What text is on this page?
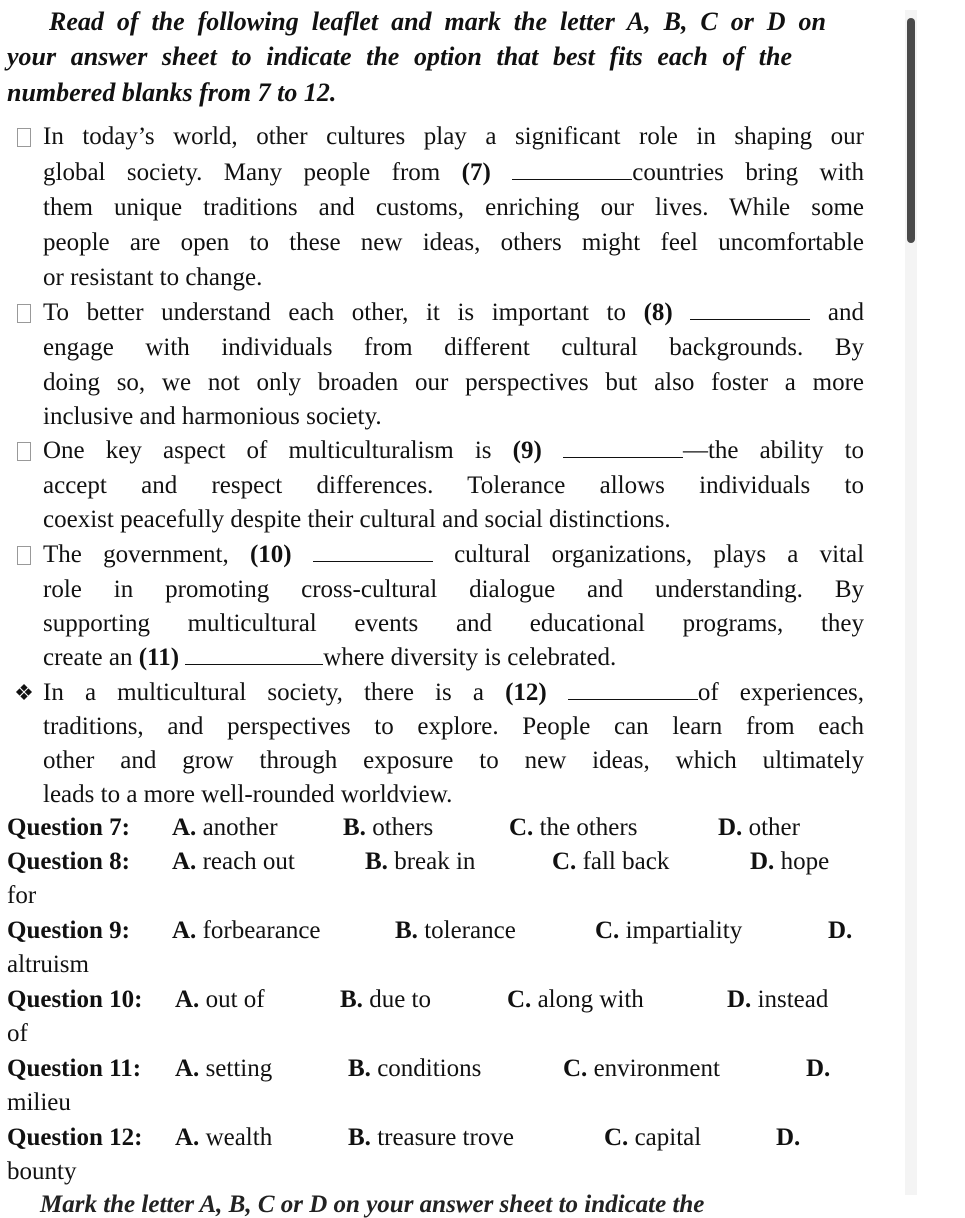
Read of the following leaflet and mark the letter A, B, C or D on
your answer sheet to indicate the option that best fits each of the
numbered blanks from 7 to 12.
In today’s world, other cultures play a significant role in shaping our
global society. Many people from (7)	countries bring with
them unique traditions and customs, enriching our lives. While some
people are open to these new ideas, others might feel uncomfortable
or resistant to change.
To better understand each other, it is important to (8)	and
engage with individuals from different cultural backgrounds. By
doing so, we not only broaden our perspectives but also foster a more
inclusive and harmonious society.
One key aspect of multiculturalism is (9)	—the ability to
accept and respect differences. Tolerance allows individuals to
coexist peacefully despite their cultural and social distinctions.
The government, (10)	cultural organizations, plays a vital
role in promoting cross-cultural dialogue and understanding. By
supporting multicultural events and educational programs, they
create an (11)	where diversity is celebrated.
❖ In a multicultural society, there is a (12)	of experiences,
traditions, and perspectives to explore. People can learn from each
other and grow through exposure to new ideas, which ultimately
leads to a more well-rounded worldview.
Question 7: A. another	B. others	C. the others	D. other
Question 8: A. reach out	B. break in	C. fall back	D. hope
for
Question 9: A. forbearance	B. tolerance	C. impartiality	D.
altruism
Question 10: A. out of	B. due to	C. along with	D. instead
of
Question 11: A. setting	B. conditions	C. environment	D.
milieu
Question 12: A. wealth	B. treasure trove	C. capital	D.
bounty
Mark the letter A, B, C or D on your answer sheet to indicate the
